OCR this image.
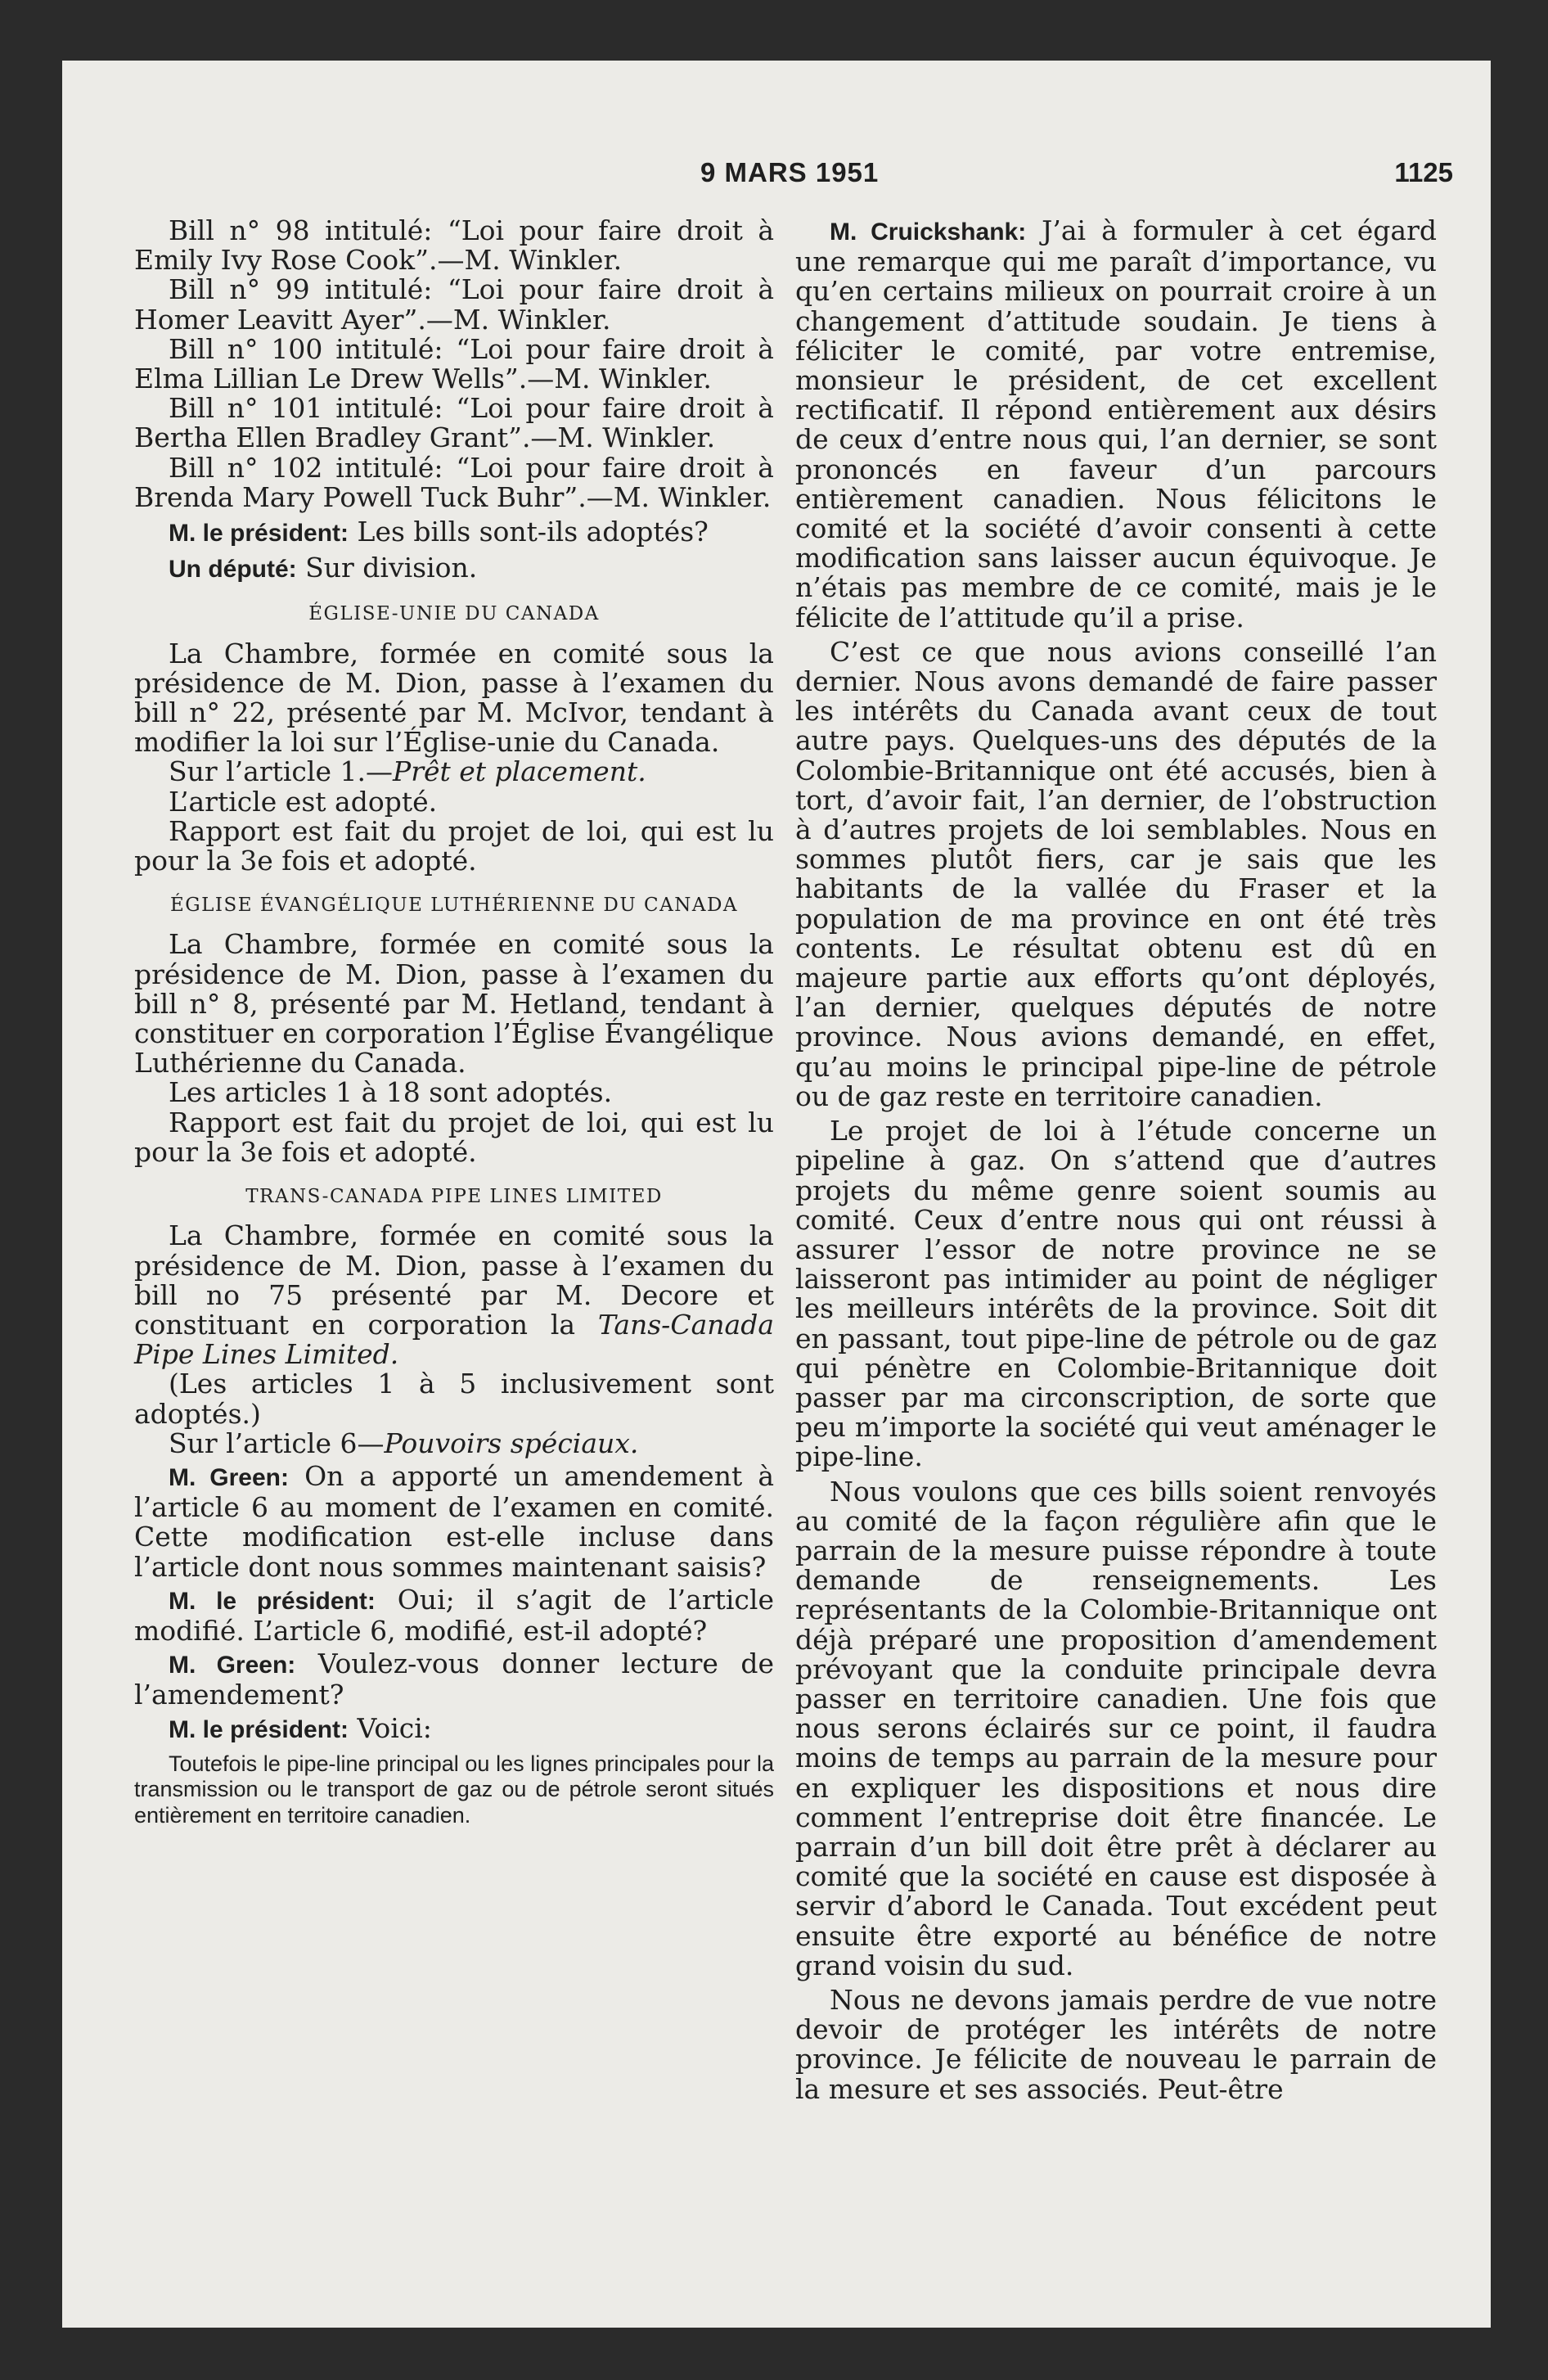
9 MARS 1951	1125

Bill n° 98 intitulé: “Loi pour faire droit à Emily Ivy Rose Cook”.—M. Winkler.

Bill n° 99 intitulé: “Loi pour faire droit à Homer Leavitt Ayer”.—M. Winkler.

Bill n° 100 intitulé: “Loi pour faire droit à Elma Lillian Le Drew Wells”.—M. Winkler.

Bill n° 101 intitulé: “Loi pour faire droit à Bertha Ellen Bradley Grant”.—M. Winkler.

Bill n° 102 intitulé: “Loi pour faire droit à Brenda Mary Powell Tuck Buhr”.—M. Winkler.

M. le président: Les bills sont-ils adoptés?

Un député: Sur division.

ÉGLISE-UNIE DU CANADA

La Chambre, formée en comité sous la présidence de M. Dion, passe à l’examen du bill n° 22, présenté par M. McIvor, tendant à modifier la loi sur l’Église-unie du Canada.

Sur l’article 1.—Prêt et placement.

L’article est adopté.

Rapport est fait du projet de loi, qui est lu pour la 3e fois et adopté.

ÉGLISE ÉVANGÉLIQUE LUTHÉRIENNE DU CANADA

La Chambre, formée en comité sous la présidence de M. Dion, passe à l’examen du bill n° 8, présenté par M. Hetland, tendant à constituer en corporation l’Église Évangélique Luthérienne du Canada.

Les articles 1 à 18 sont adoptés.

Rapport est fait du projet de loi, qui est lu pour la 3e fois et adopté.

TRANS-CANADA PIPE LINES LIMITED

La Chambre, formée en comité sous la présidence de M. Dion, passe à l’examen du bill no 75 présenté par M. Decore et constituant en corporation la Tans-Canada Pipe Lines Limited.

(Les articles 1 à 5 inclusivement sont adoptés.)

Sur l’article 6—Pouvoirs spéciaux.

M. Green: On a apporté un amendement à l’article 6 au moment de l’examen en comité. Cette modification est-elle incluse dans l’article dont nous sommes maintenant saisis?

M. le président: Oui; il s’agit de l’article modifié. L’article 6, modifié, est-il adopté?

M. Green: Voulez-vous donner lecture de l’amendement?

M. le président: Voici:

Toutefois le pipe-line principal ou les lignes principales pour la transmission ou le transport de gaz ou de pétrole seront situés entièrement en territoire canadien.

M. Cruickshank: J’ai à formuler à cet égard une remarque qui me paraît d’importance, vu qu’en certains milieux on pourrait croire à un changement d’attitude soudain. Je tiens à féliciter le comité, par votre entremise, monsieur le président, de cet excellent rectificatif. Il répond entièrement aux désirs de ceux d’entre nous qui, l’an dernier, se sont prononcés en faveur d’un parcours entièrement canadien. Nous félicitons le comité et la société d’avoir consenti à cette modification sans laisser aucun équivoque. Je n’étais pas membre de ce comité, mais je le félicite de l’attitude qu’il a prise.

C’est ce que nous avions conseillé l’an dernier. Nous avons demandé de faire passer les intérêts du Canada avant ceux de tout autre pays. Quelques-uns des députés de la Colombie-Britannique ont été accusés, bien à tort, d’avoir fait, l’an dernier, de l’obstruction à d’autres projets de loi semblables. Nous en sommes plutôt fiers, car je sais que les habitants de la vallée du Fraser et la population de ma province en ont été très contents. Le résultat obtenu est dû en majeure partie aux efforts qu’ont déployés, l’an dernier, quelques députés de notre province. Nous avions demandé, en effet, qu’au moins le principal pipe-line de pétrole ou de gaz reste en territoire canadien.

Le projet de loi à l’étude concerne un pipeline à gaz. On s’attend que d’autres projets du même genre soient soumis au comité. Ceux d’entre nous qui ont réussi à assurer l’essor de notre province ne se laisseront pas intimider au point de négliger les meilleurs intérêts de la province. Soit dit en passant, tout pipe-line de pétrole ou de gaz qui pénètre en Colombie-Britannique doit passer par ma circonscription, de sorte que peu m’importe la société qui veut aménager le pipe-line.

Nous voulons que ces bills soient renvoyés au comité de la façon régulière afin que le parrain de la mesure puisse répondre à toute demande de renseignements. Les représentants de la Colombie-Britannique ont déjà préparé une proposition d’amendement prévoyant que la conduite principale devra passer en territoire canadien. Une fois que nous serons éclairés sur ce point, il faudra moins de temps au parrain de la mesure pour en expliquer les dispositions et nous dire comment l’entreprise doit être financée. Le parrain d’un bill doit être prêt à déclarer au comité que la société en cause est disposée à servir d’abord le Canada. Tout excédent peut ensuite être exporté au bénéfice de notre grand voisin du sud.

Nous ne devons jamais perdre de vue notre devoir de protéger les intérêts de notre province. Je félicite de nouveau le parrain de la mesure et ses associés. Peut-être
